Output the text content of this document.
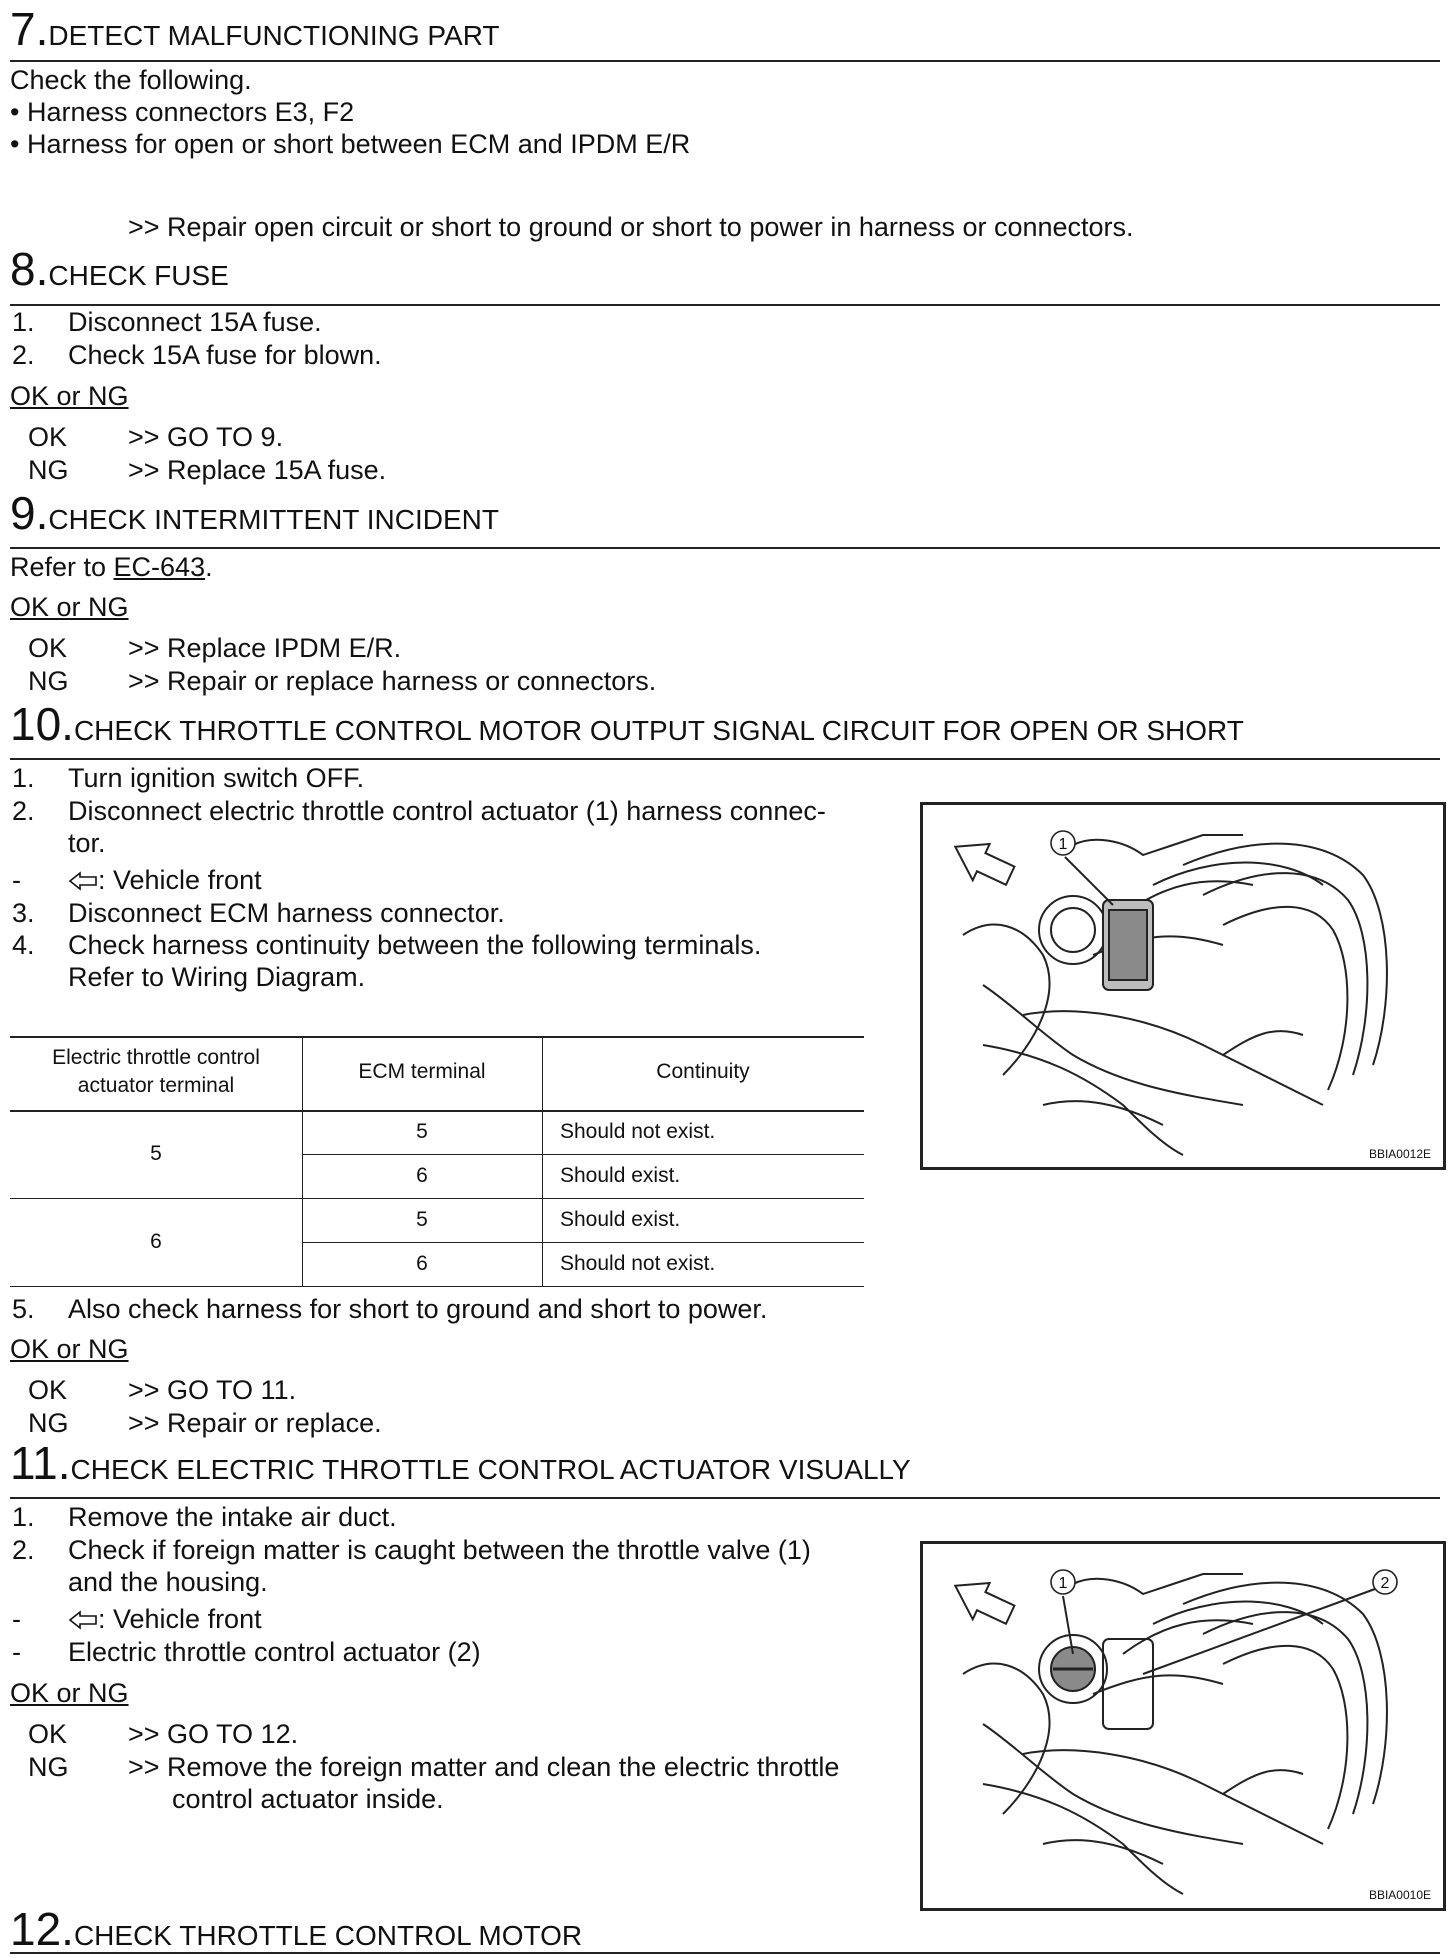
7.DETECT MALFUNCTIONING PART
Check the following.
• Harness connectors E3, F2
• Harness for open or short between ECM and IPDM E/R
>> Repair open circuit or short to ground or short to power in harness or connectors.
8.CHECK FUSE
1. Disconnect 15A fuse.
2. Check 15A fuse for blown.
OK or NG
OK >> GO TO 9.
NG >> Replace 15A fuse.
9.CHECK INTERMITTENT INCIDENT
Refer to EC-643.
OK or NG
OK >> Replace IPDM E/R.
NG >> Repair or replace harness or connectors.
10.CHECK THROTTLE CONTROL MOTOR OUTPUT SIGNAL CIRCUIT FOR OPEN OR SHORT
1. Turn ignition switch OFF.
2. Disconnect electric throttle control actuator (1) harness connec-
tor.
-	: Vehicle front
3. Disconnect ECM harness connector.
4. Check harness continuity between the following terminals.
Refer to Wiring Diagram.
Electric throttle control
actuator terminal
ECM terminal	Continuity
5
5	Should not exist.
6	Should exist.
6
5	Should exist.
6	Should not exist.
5. Also check harness for short to ground and short to power.
OK or NG
OK >> GO TO 11.
NG >> Repair or replace.
1
BBIA0012E
11.CHECK ELECTRIC THROTTLE CONTROL ACTUATOR VISUALLY
1. Remove the intake air duct.
2. Check if foreign matter is caught between the throttle valve (1)
and the housing.
-	: Vehicle front
- Electric throttle control actuator (2)
OK or NG
OK >> GO TO 12.
NG >> Remove the foreign matter and clean the electric throttle
control actuator inside.
1	2
BBIA0010E
12.CHECK THROTTLE CONTROL MOTOR
